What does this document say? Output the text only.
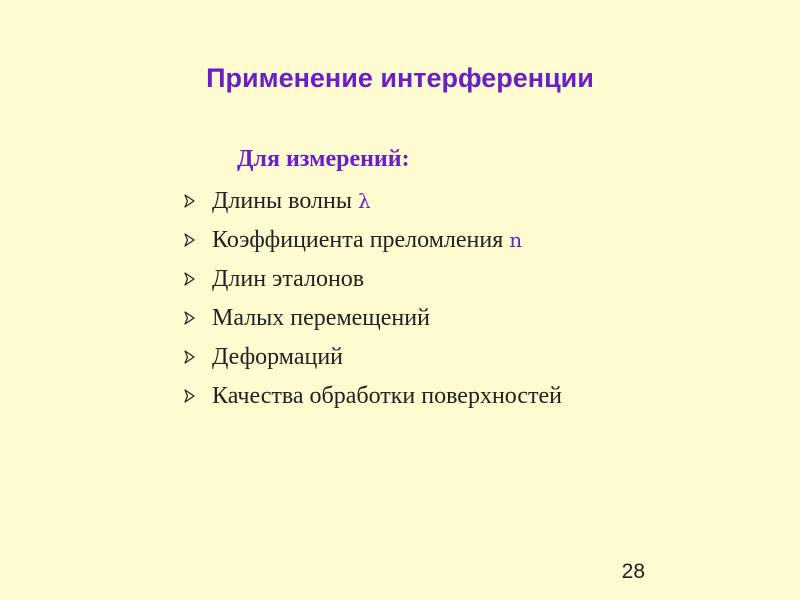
Применение интерференции
Для измерений:
Длины волны λ
Коэффициента преломления n
Длин эталонов
Малых перемещений
Деформаций
Качества обработки поверхностей
28
